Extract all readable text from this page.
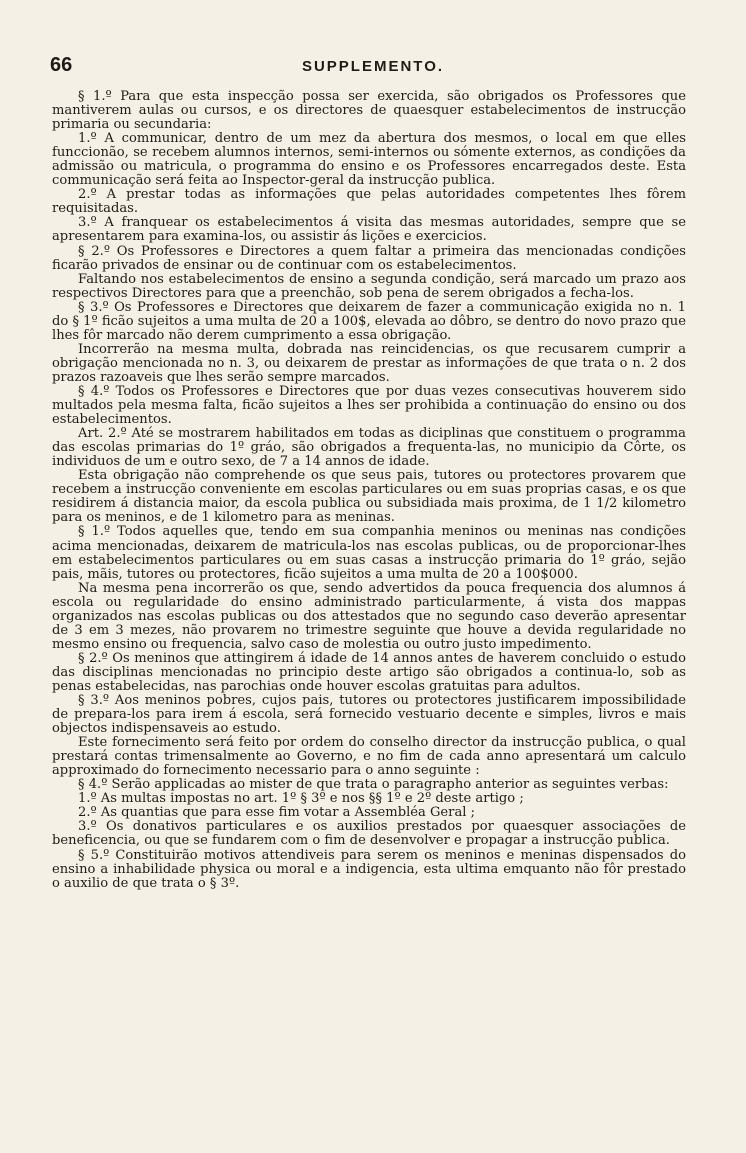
66	SUPPLEMENTO.

§ 1.º Para que esta inspecção possa ser exercida, são obrigados os Professores que mantiverem aulas ou cursos, e os directores de quaesquer estabelecimentos de instrucção primaria ou secundaria:

1.º A communicar, dentro de um mez da abertura dos mesmos, o local em que elles funccionão, se recebem alumnos internos, semi-internos ou sómente externos, as condições da admissão ou matricula, o programma do ensino e os Professores encarregados deste. Esta communicação será feita ao Inspector-geral da instrucção publica.

2.º A prestar todas as informações que pelas autoridades competentes lhes fôrem requisitadas.

3.º A franquear os estabelecimentos á visita das mesmas autoridades, sempre que se apresentarem para examina-los, ou assistir ás lições e exercicios.

§ 2.º Os Professores e Directores a quem faltar a primeira das mencionadas condições ficarão privados de ensinar ou de continuar com os estabelecimentos.

Faltando nos estabelecimentos de ensino a segunda condição, será marcado um prazo aos respectivos Directores para que a preenchão, sob pena de serem obrigados a fecha-los.

§ 3.º Os Professores e Directores que deixarem de fazer a communicação exigida no n. 1 do § 1º ficão sujeitos a uma multa de 20 a 100$, elevada ao dôbro, se dentro do novo prazo que lhes fôr marcado não derem cumprimento a essa obrigação.

Incorrerão na mesma multa, dobrada nas reincidencias, os que recusarem cumprir a obrigação mencionada no n. 3, ou deixarem de prestar as informações de que trata o n. 2 dos prazos razoaveis que lhes serão sempre marcados.

§ 4.º Todos os Professores e Directores que por duas vezes consecutivas houverem sido multados pela mesma falta, ficão sujeitos a lhes ser prohibida a continuação do ensino ou dos estabelecimentos.

Art. 2.º Até se mostrarem habilitados em todas as diciplinas que constituem o programma das escolas primarias do 1º gráo, são obrigados a frequenta-las, no municipio da Côrte, os individuos de um e outro sexo, de 7 a 14 annos de idade.

Esta obrigação não comprehende os que seus pais, tutores ou protectores provarem que recebem a instrucção conveniente em escolas particulares ou em suas proprias casas, e os que residirem á distancia maior, da escola publica ou subsidiada mais proxima, de 1 1/2 kilometro para os meninos, e de 1 kilometro para as meninas.

§ 1.º Todos aquelles que, tendo em sua companhia meninos ou meninas nas condições acima mencionadas, deixarem de matricula-los nas escolas publicas, ou de proporcionar-lhes em estabelecimentos particulares ou em suas casas a instrucção primaria do 1º gráo, sejão pais, mãis, tutores ou protectores, ficão sujeitos a uma multa de 20 a 100$000.

Na mesma pena incorrerão os que, sendo advertidos da pouca frequencia dos alumnos á escola ou regularidade do ensino administrado particularmente, á vista dos mappas organizados nas escolas publicas ou dos attestados que no segundo caso deverão apresentar de 3 em 3 mezes, não provarem no trimestre seguinte que houve a devida regularidade no mesmo ensino ou frequencia, salvo caso de molestia ou outro justo impedimento.

§ 2.º Os meninos que attingirem á idade de 14 annos antes de haverem concluido o estudo das disciplinas mencionadas no principio deste artigo são obrigados a continua-lo, sob as penas estabelecidas, nas parochias onde houver escolas gratuitas para adultos.

§ 3.º Aos meninos pobres, cujos pais, tutores ou protectores justificarem impossibilidade de prepara-los para irem á escola, será fornecido vestuario decente e simples, livros e mais objectos indispensaveis ao estudo.

Este fornecimento será feito por ordem do conselho director da instrucção publica, o qual prestará contas trimensalmente ao Governo, e no fim de cada anno apresentará um calculo approximado do fornecimento necessario para o anno seguinte :

§ 4.º Serão applicadas ao mister de que trata o paragrapho anterior as seguintes verbas:

1.º As multas impostas no art. 1º § 3º e nos §§ 1º e 2º deste artigo ;

2.º As quantias que para esse fim votar a Assembléa Geral ;

3.º Os donativos particulares e os auxilios prestados por quaesquer associações de beneficencia, ou que se fundarem com o fim de desenvolver e propagar a instrucção publica.

§ 5.º Constituirão motivos attendiveis para serem os meninos e meninas dispensados do ensino a inhabilidade physica ou moral e a indigencia, esta ultima emquanto não fôr prestado o auxilio de que trata o § 3º.
